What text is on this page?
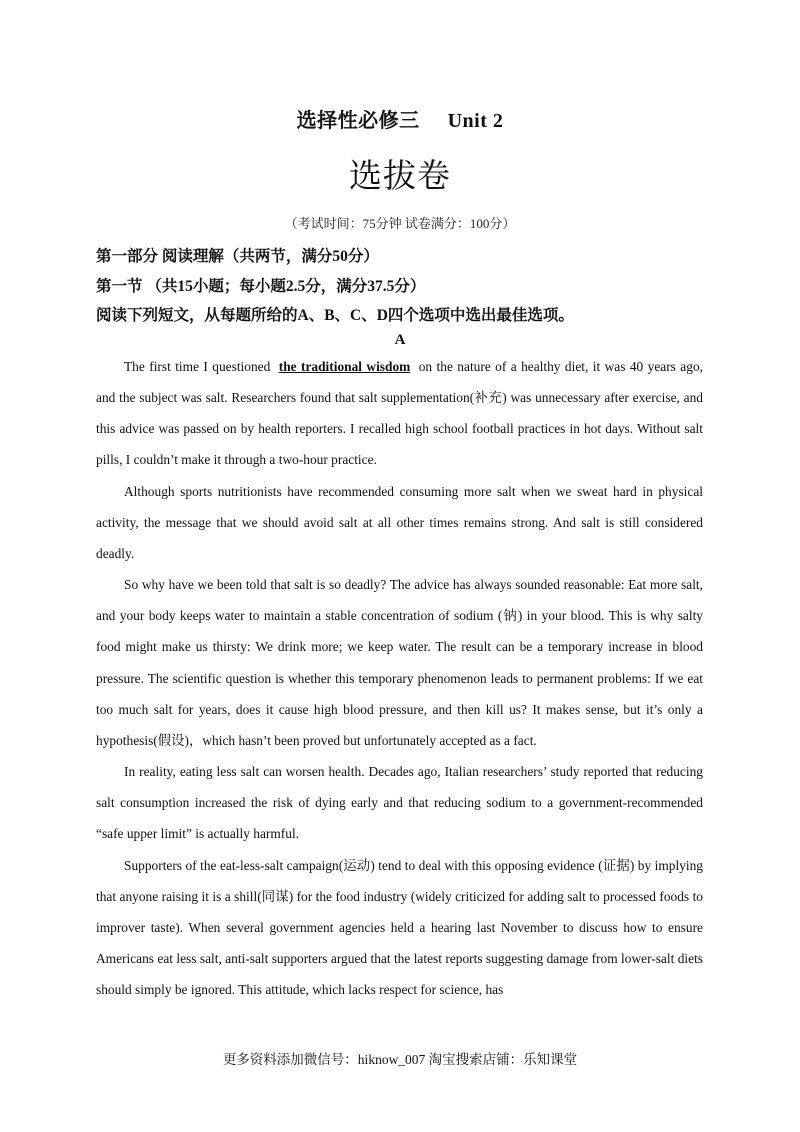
选择性必修三 Unit 2
选拔卷
（考试时间：75分钟 试卷满分：100分）
第一部分 阅读理解（共两节，满分50分）
第一节 （共15小题；每小题2.5分，满分37.5分）
阅读下列短文，从每题所给的A、B、C、D四个选项中选出最佳选项。
A

The first time I questioned the traditional wisdom on the nature of a healthy diet, it was 40 years ago, and the subject was salt. Researchers found that salt supplementation(补充) was unnecessary after exercise, and this advice was passed on by health reporters. I recalled high school football practices in hot days. Without salt pills, I couldn’t make it through a two-hour practice.

Although sports nutritionists have recommended consuming more salt when we sweat hard in physical activity, the message that we should avoid salt at all other times remains strong. And salt is still considered deadly.

So why have we been told that salt is so deadly? The advice has always sounded reasonable: Eat more salt, and your body keeps water to maintain a stable concentration of sodium (钠) in your blood. This is why salty food might make us thirsty: We drink more; we keep water. The result can be a temporary increase in blood pressure. The scientific question is whether this temporary phenomenon leads to permanent problems: If we eat too much salt for years, does it cause high blood pressure, and then kill us? It makes sense, but it’s only a hypothesis(假设)，which hasn’t been proved but unfortunately accepted as a fact.

In reality, eating less salt can worsen health. Decades ago, Italian researchers’ study reported that reducing salt consumption increased the risk of dying early and that reducing sodium to a government-recommended “safe upper limit” is actually harmful.

Supporters of the eat-less-salt campaign(运动) tend to deal with this opposing evidence (证据) by implying that anyone raising it is a shill(同谋) for the food industry (widely criticized for adding salt to processed foods to improver taste). When several government agencies held a hearing last November to discuss how to ensure Americans eat less salt, anti-salt supporters argued that the latest reports suggesting damage from lower-salt diets should simply be ignored. This attitude, which lacks respect for science, has

更多资料添加微信号：hiknow_007 淘宝搜索店铺：乐知课堂
